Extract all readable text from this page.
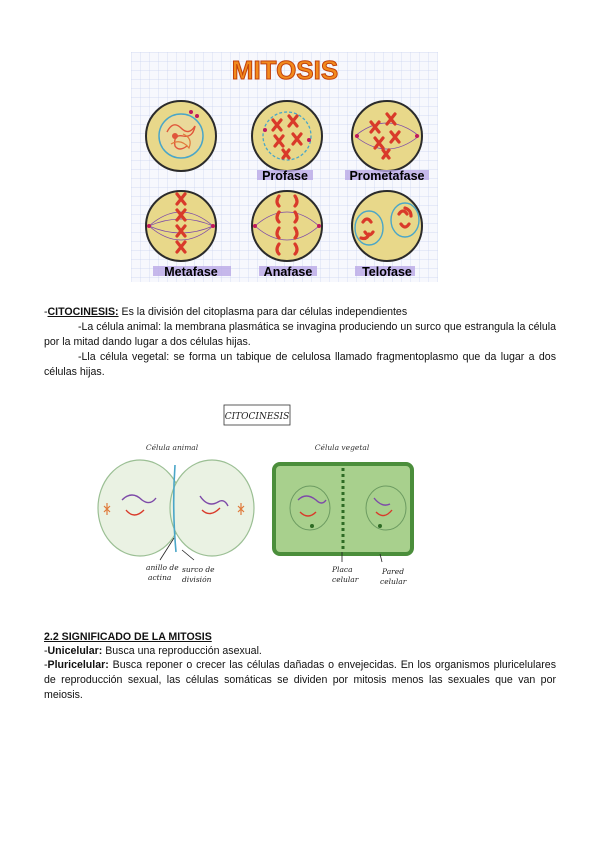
MITOSIS
Profase	Prometafase
Metafase	Anafase	Telofase
-CITOCINESIS: Es la división del citoplasma para dar células independientes
-La célula animal: la membrana plasmática se invagina produciendo un surco que estrangula la célula por la mitad dando lugar a dos células hijas.
-Lla célula vegetal: se forma un tabique de celulosa llamado fragmentoplasmo que da lugar a dos células hijas.
CITOCINESIS
Célula animal	Célula vegetal
anillo de
actina
surco de
división
Placa
celular
Pared
celular
2.2 SIGNIFICADO DE LA MITOSIS
-Unicelular: Busca una reproducción asexual.
-Pluricelular: Busca reponer o crecer las células dañadas o envejecidas. En los organismos pluricelulares de reproducción sexual, las células somáticas se dividen por mitosis menos las sexuales que van por meiosis.
